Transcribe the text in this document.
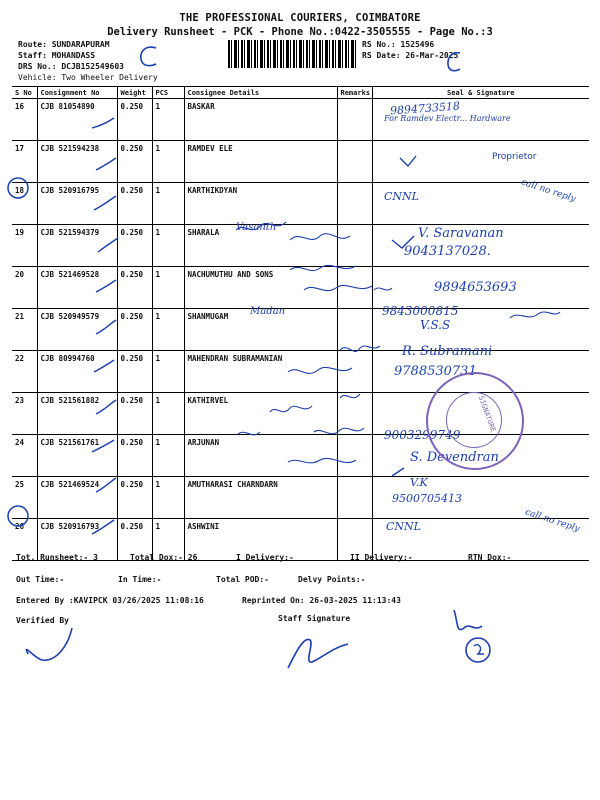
THE PROFESSIONAL COURIERS, COIMBATORE
Delivery Runsheet - PCK - Phone No.:0422-3505555 - Page No.:3
Route: SUNDARAPURAM
Staff: MOHANDASS
DRS No.: DCJB152549603
Vehicle: Two Wheeler Delivery
RS No.: 1525496
RS Date: 26-Mar-2025
S No	Consignment No	Weight	PCS	Consignee Details	Remarks	Seal & Signature
16	CJB 81054890	0.250	1	BASKAR		
17	CJB 521594238	0.250	1	RAMDEV ELE		
18	CJB 520916795	0.250	1	KARTHIKDYAN		
19	CJB 521594379	0.250	1	SHARALA		
20	CJB 521469528	0.250	1	NACHUMUTHU AND SONS		
21	CJB 520949579	0.250	1	SHANMUGAM		
22	CJB 80994760	0.250	1	MAHENDRAN SUBRAMANIAN		
23	CJB 521561882	0.250	1	KATHIRVEL		
24	CJB 521561761	0.250	1	ARJUNAN		
25	CJB 521469524	0.250	1	AMUTHARASI CHARNDARN		
26	CJB 520916793	0.250	1	ASHWINI		
9894733518
For Ramdev Electr... Hardware
Proprietor
CNNL	call no reply
Vasanth	V. Saravanan
9043137028.
9894653693
Madan	9843000815
V.S.S
R. Subramani
9788530731
9003299749
S. Devendran
V.K
9500705413
CNNL	call no reply
SIGNATURE
Tot. Runsheet:- 3	Total Dox:- 26	I Delivery:-	II Delivery:-	RTN Dox:-
Out Time:-	In Time:-	Total POD:-	Delvy Points:-
Entered By :KAVIPCK 03/26/2025 11:08:16	Reprinted On: 26-03-2025 11:13:43
Verified By	Staff Signature
